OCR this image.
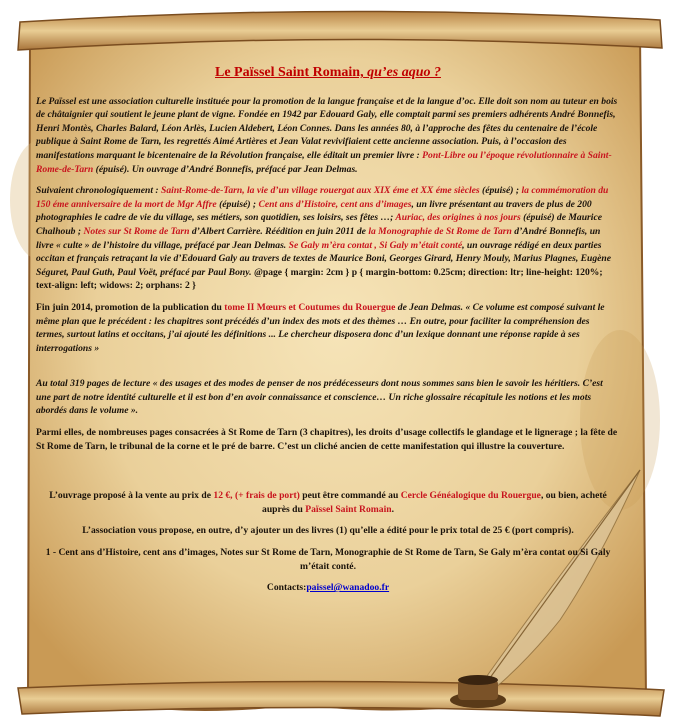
Le Païssel Saint Romain, qu’es aquo ?

Le Païssel est une association culturelle instituée pour la promotion de la langue française et de la langue d’oc. Elle doit son nom au tuteur en bois de châtaignier qui soutient le jeune plant de vigne. Fondée en 1942 par Edouard Galy, elle comptait parmi ses premiers adhérents André Bonnefis, Henri Montès, Charles Balard, Léon Arlès, Lucien Aldebert, Léon Connes. Dans les années 80, à l’approche des fêtes du centenaire de l’école publique à Saint Rome de Tarn, les regrettés Aimé Artières et Jean Valat revivifiaient cette ancienne association. Puis, à l’occasion des manifestations marquant le bicentenaire de la Révolution française, elle éditait un premier livre : Pont-Libre ou l’époque révolutionnaire à Saint-Rome-de-Tarn (épuisé). Un ouvrage d’André Bonnefis, préfacé par Jean Delmas.

Suivaient chronologiquement : Saint-Rome-de-Tarn, la vie d’un village rouergat aux XIX éme et XX éme siècles (épuisé) ; la commémoration du 150 éme anniversaire de la mort de Mgr Affre (épuisé) ; Cent ans d’Histoire, cent ans d’images, un livre présentant au travers de plus de 200 photographies le cadre de vie du village, ses métiers, son quotidien, ses loisirs, ses fêtes …; Auriac, des origines à nos jours (épuisé) de Maurice Chalhoub ; Notes sur St Rome de Tarn d’Albert Carrière. Réédition en juin 2011 de la Monographie de St Rome de Tarn d’André Bonnefis, un livre « culte » de l’histoire du village, préfacé par Jean Delmas. Se Galy m’èra contat , Si Galy m’était conté, un ouvrage rédigé en deux parties occitan et français retraçant la vie d’Edouard Galy au travers de textes de Maurice Boni, Georges Girard, Henry Mouly, Marius Plagnes, Eugène Séguret, Paul Guth, Paul Voët, préfacé par Paul Bony. @page { margin: 2cm } p { margin-bottom: 0.25cm; direction: ltr; line-height: 120%; text-align: left; widows: 2; orphans: 2 }

Fin juin 2014, promotion de la publication du tome II Mœurs et Coutumes du Rouergue de Jean Delmas. « Ce volume est composé suivant le même plan que le précédent : les chapitres sont précédés d’un index des mots et des thèmes … En outre, pour faciliter la compréhension des termes, surtout latins et occitans, j’ai ajouté les définitions ... Le chercheur disposera donc d’un lexique donnant une réponse rapide à ses interrogations »

Au total 319 pages de lecture « des usages et des modes de penser de nos prédécesseurs dont nous sommes sans bien le savoir les héritiers. C’est une part de notre identité culturelle et il est bon d’en avoir connaissance et conscience… Un riche glossaire récapitule les notions et les mots abordés dans le volume ».

Parmi elles, de nombreuses pages consacrées à St Rome de Tarn (3 chapitres), les droits d’usage collectifs le glandage et le lignerage ; la fête de St Rome de Tarn, le tribunal de la corne et le pré de barre. C’est un cliché ancien de cette manifestation qui illustre la couverture.

L’ouvrage proposé à la vente au prix de 12 €, (+ frais de port) peut être commandé au Cercle Généalogique du Rouergue, ou bien, acheté auprès du Païssel Saint Romain.

L’association vous propose, en outre, d’y ajouter un des livres (1) qu’elle a édité pour le prix total de 25 € (port compris).

1 - Cent ans d’Histoire, cent ans d’images, Notes sur St Rome de Tarn, Monographie de St Rome de Tarn, Se Galy m’èra contat ou Si Galy m’était conté.

Contacts:paissel@wanadoo.fr
